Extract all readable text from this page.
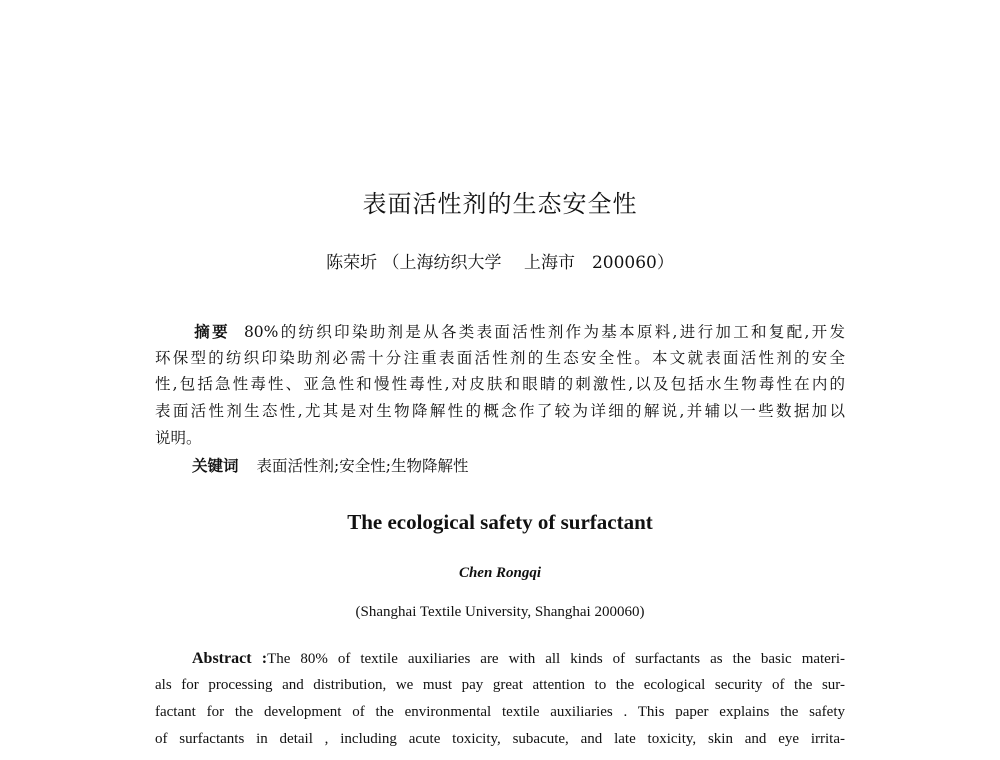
表面活性剂的生态安全性
陈荣圻 （上海纺织大学　 上海市　200060）
摘要 80%的纺织印染助剂是从各类表面活性剂作为基本原料,进行加工和复配,开发
环保型的纺织印染助剂必需十分注重表面活性剂的生态安全性。本文就表面活性剂的安全
性,包括急性毒性、亚急性和慢性毒性,对皮肤和眼睛的刺激性,以及包括水生物毒性在内的
表面活性剂生态性,尤其是对生物降解性的概念作了较为详细的解说,并辅以一些数据加以
说明。
关键词 表面活性剂;安全性;生物降解性
The ecological safety of surfactant
Chen Rongqi
(Shanghai Textile University, Shanghai 200060)
Abstract :The 80% of textile auxiliaries are with all kinds of surfactants as the basic materi-
als for processing and distribution, we must pay great attention to the ecological security of the sur-
factant for the development of the environmental textile auxiliaries . This paper explains the safety
of surfactants in detail , including acute toxicity, subacute, and late toxicity, skin and eye irrita-
